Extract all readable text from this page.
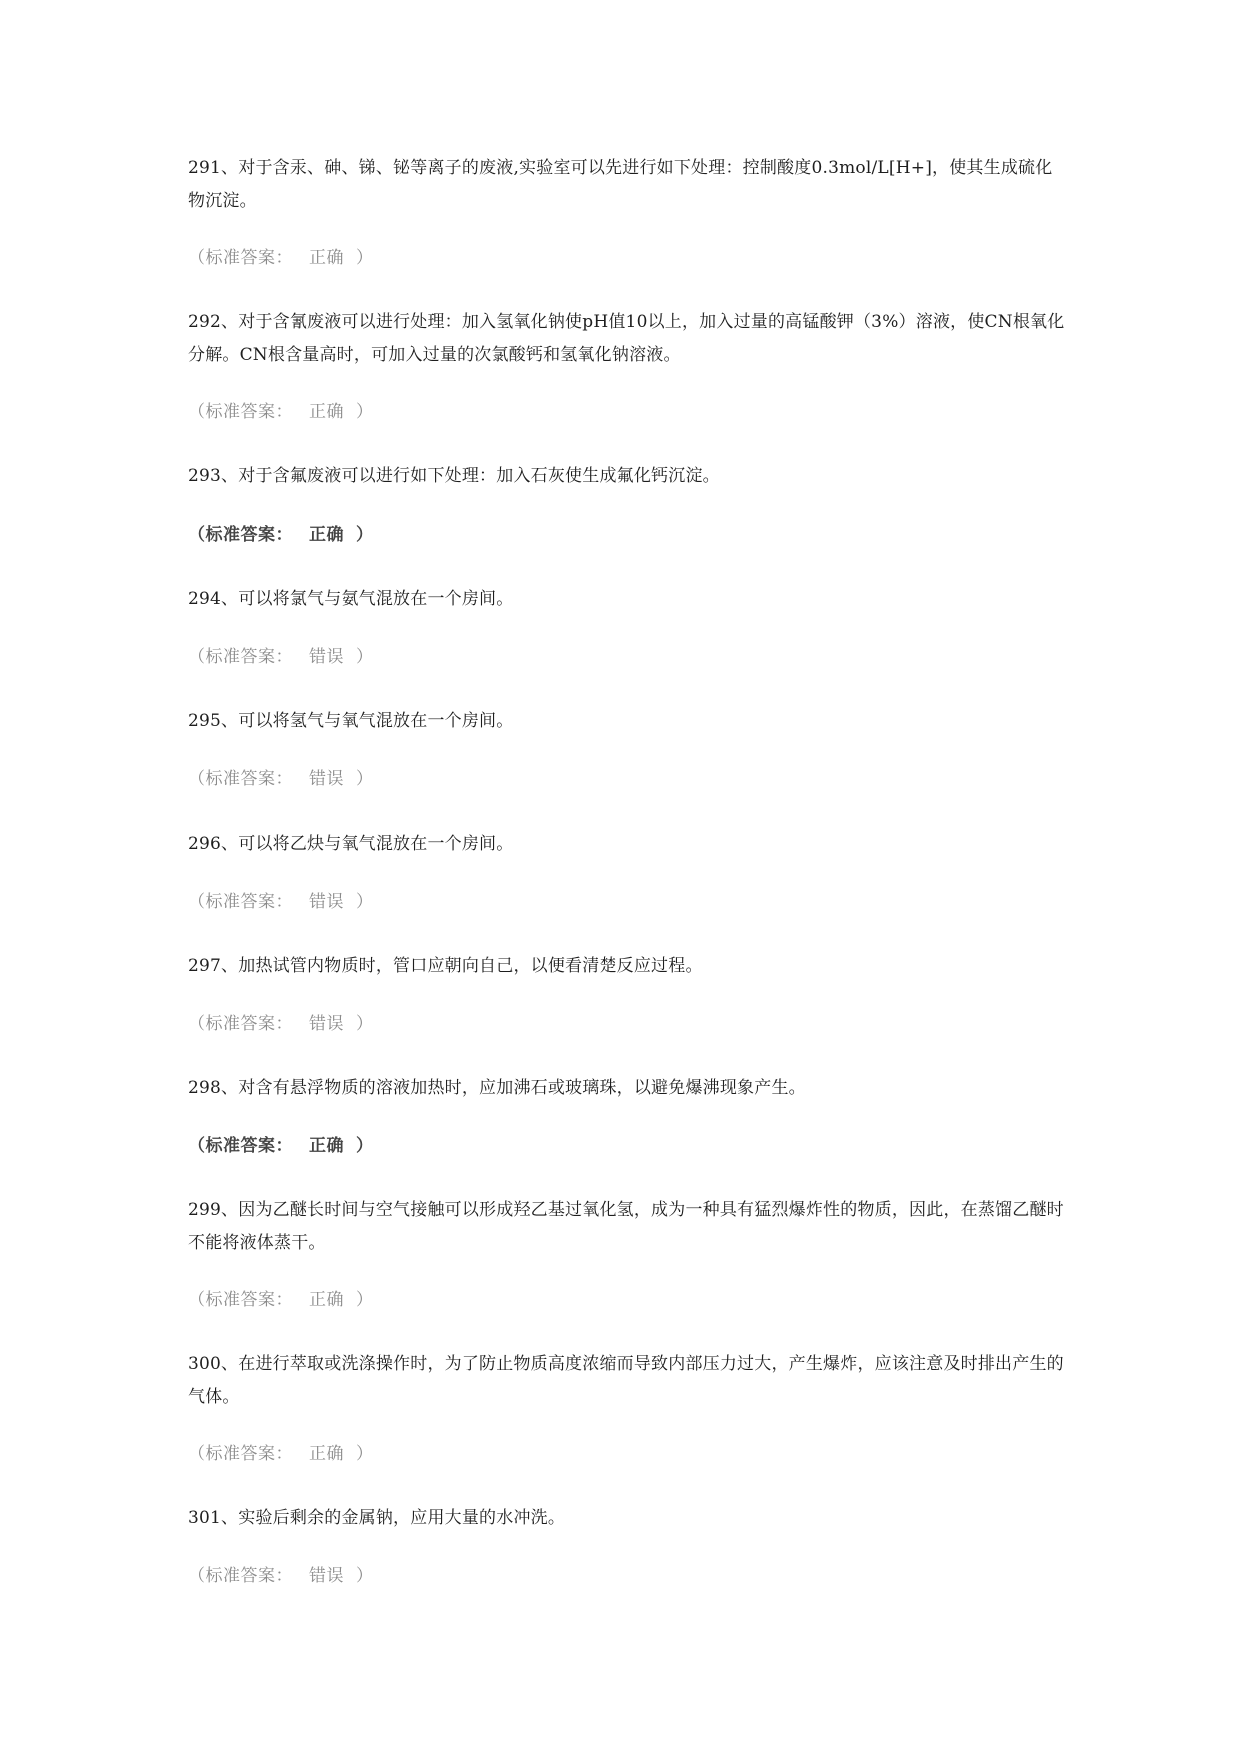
291、对于含汞、砷、锑、铋等离子的废液,实验室可以先进行如下处理：控制酸度0.3mol/L[H+]，使其生成硫化物沉淀。

（标准答案： 正确 ）

292、对于含氰废液可以进行处理：加入氢氧化钠使pH值10以上，加入过量的高锰酸钾（3%）溶液，使CN根氧化分解。CN根含量高时，可加入过量的次氯酸钙和氢氧化钠溶液。

（标准答案： 正确 ）

293、对于含氟废液可以进行如下处理：加入石灰使生成氟化钙沉淀。

（标准答案： 正确 ）

294、可以将氯气与氨气混放在一个房间。

（标准答案： 错误 ）

295、可以将氢气与氧气混放在一个房间。

（标准答案： 错误 ）

296、可以将乙炔与氧气混放在一个房间。

（标准答案： 错误 ）

297、加热试管内物质时，管口应朝向自己，以便看清楚反应过程。

（标准答案： 错误 ）

298、对含有悬浮物质的溶液加热时，应加沸石或玻璃珠，以避免爆沸现象产生。

（标准答案： 正确 ）

299、因为乙醚长时间与空气接触可以形成羟乙基过氧化氢，成为一种具有猛烈爆炸性的物质，因此，在蒸馏乙醚时不能将液体蒸干。

（标准答案： 正确 ）

300、在进行萃取或洗涤操作时，为了防止物质高度浓缩而导致内部压力过大，产生爆炸，应该注意及时排出产生的气体。

（标准答案： 正确 ）

301、实验后剩余的金属钠，应用大量的水冲洗。

（标准答案： 错误 ）
